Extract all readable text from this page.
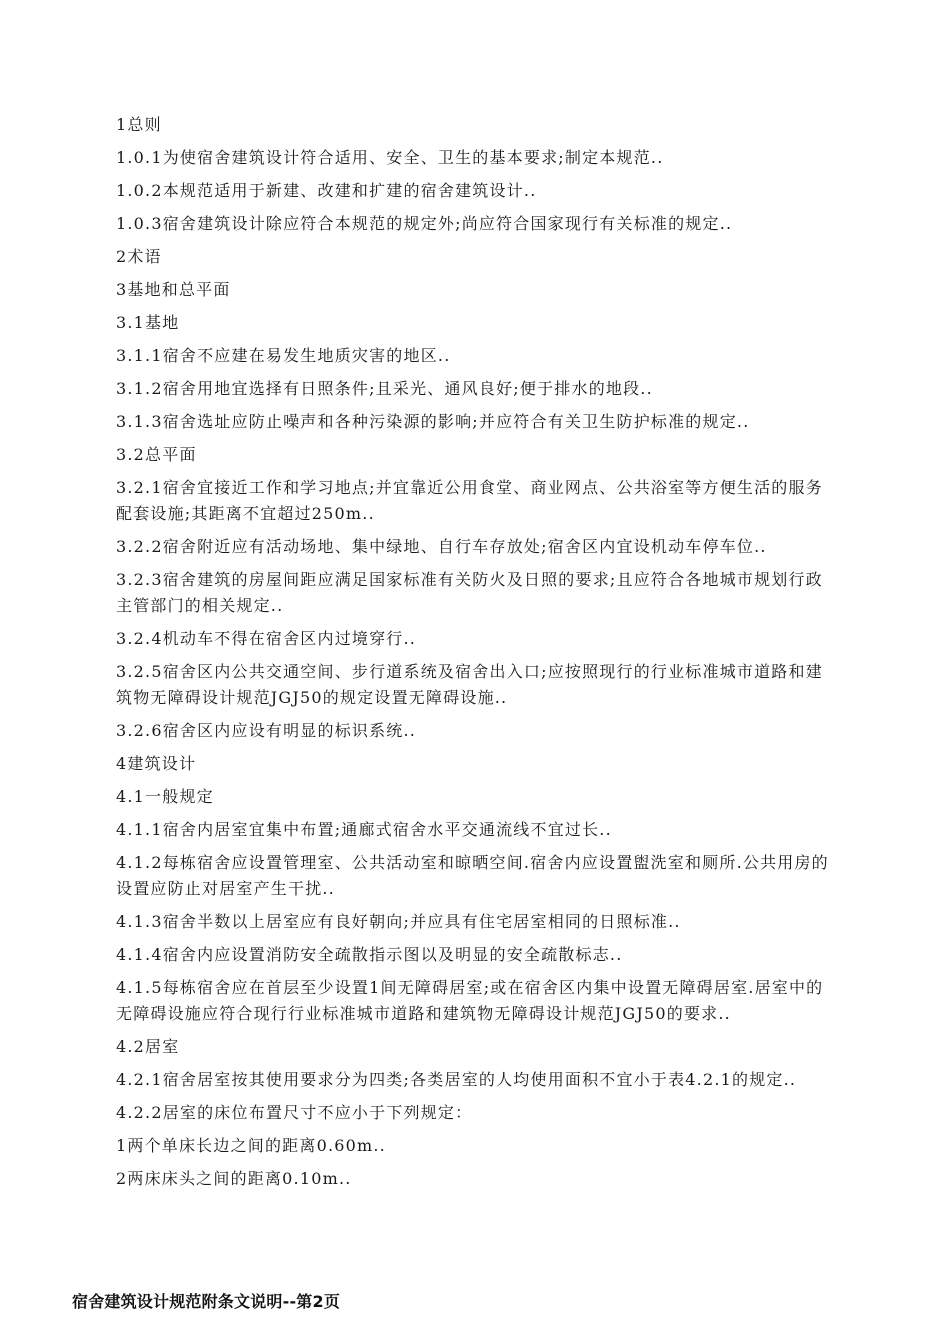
1总则
1.0.1为使宿舍建筑设计符合适用、安全、卫生的基本要求;制定本规范..
1.0.2本规范适用于新建、改建和扩建的宿舍建筑设计..
1.0.3宿舍建筑设计除应符合本规范的规定外;尚应符合国家现行有关标准的规定..
2术语
3基地和总平面
3.1基地
3.1.1宿舍不应建在易发生地质灾害的地区..
3.1.2宿舍用地宜选择有日照条件;且采光、通风良好;便于排水的地段..
3.1.3宿舍选址应防止噪声和各种污染源的影响;并应符合有关卫生防护标准的规定..
3.2总平面
3.2.1宿舍宜接近工作和学习地点;并宜靠近公用食堂、商业网点、公共浴室等方便生活的服务配套设施;其距离不宜超过250m..
3.2.2宿舍附近应有活动场地、集中绿地、自行车存放处;宿舍区内宜设机动车停车位..
3.2.3宿舍建筑的房屋间距应满足国家标准有关防火及日照的要求;且应符合各地城市规划行政主管部门的相关规定..
3.2.4机动车不得在宿舍区内过境穿行..
3.2.5宿舍区内公共交通空间、步行道系统及宿舍出入口;应按照现行的行业标准城市道路和建筑物无障碍设计规范JGJ50的规定设置无障碍设施..
3.2.6宿舍区内应设有明显的标识系统..
4建筑设计
4.1一般规定
4.1.1宿舍内居室宜集中布置;通廊式宿舍水平交通流线不宜过长..
4.1.2每栋宿舍应设置管理室、公共活动室和晾晒空间.宿舍内应设置盥洗室和厕所.公共用房的设置应防止对居室产生干扰..
4.1.3宿舍半数以上居室应有良好朝向;并应具有住宅居室相同的日照标准..
4.1.4宿舍内应设置消防安全疏散指示图以及明显的安全疏散标志..
4.1.5每栋宿舍应在首层至少设置1间无障碍居室;或在宿舍区内集中设置无障碍居室.居室中的无障碍设施应符合现行行业标准城市道路和建筑物无障碍设计规范JGJ50的要求..
4.2居室
4.2.1宿舍居室按其使用要求分为四类;各类居室的人均使用面积不宜小于表4.2.1的规定..
4.2.2居室的床位布置尺寸不应小于下列规定：
1两个单床长边之间的距离0.60m..
2两床床头之间的距离0.10m..
宿舍建筑设计规范附条文说明--第2页
